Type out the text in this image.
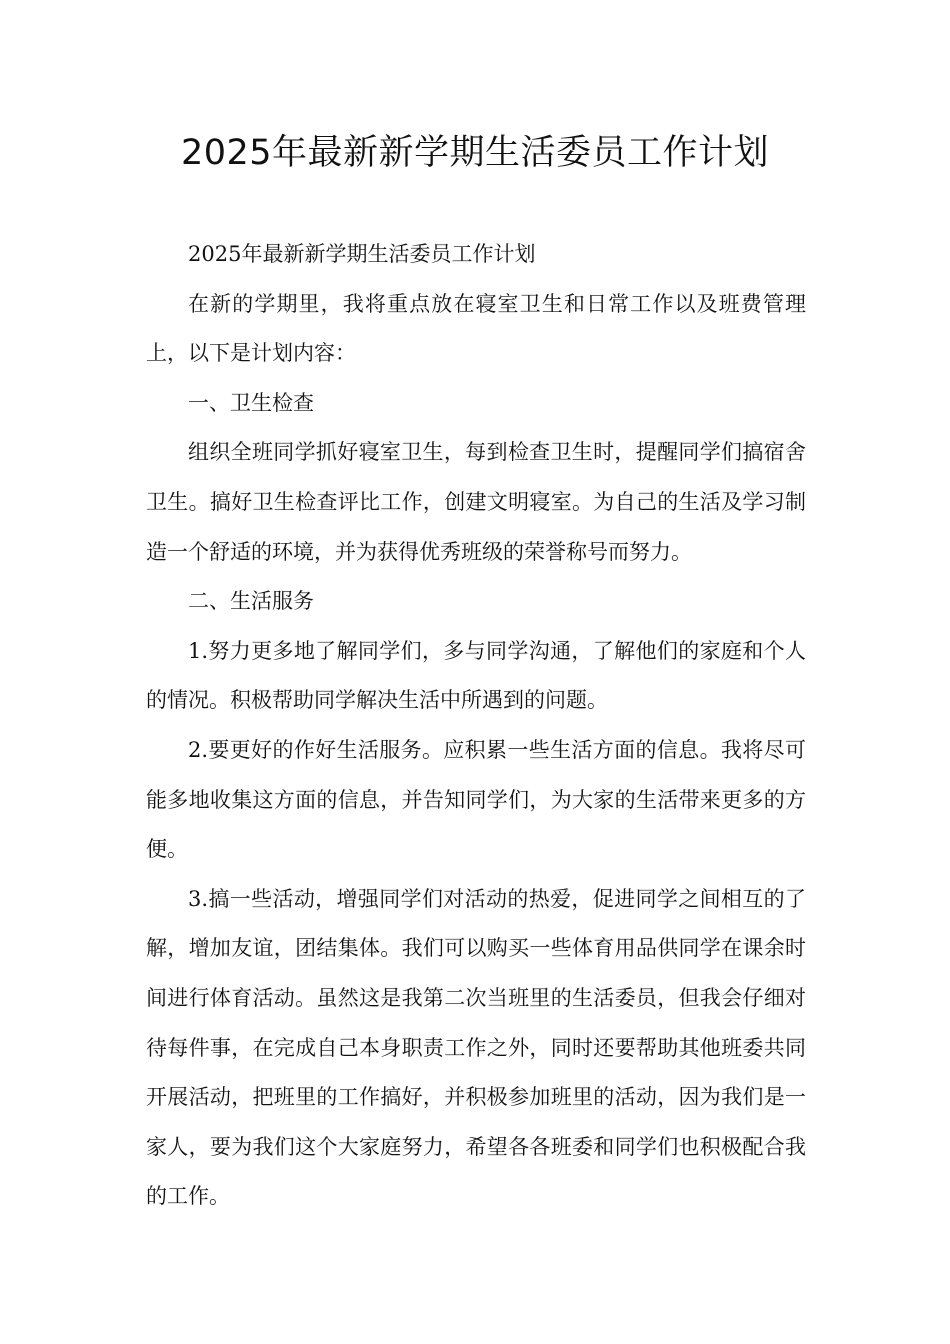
2025年最新新学期生活委员工作计划

2025年最新新学期生活委员工作计划

在新的学期里，我将重点放在寝室卫生和日常工作以及班费管理上，以下是计划内容：

一、卫生检查

组织全班同学抓好寝室卫生，每到检查卫生时，提醒同学们搞宿舍卫生。搞好卫生检查评比工作，创建文明寝室。为自己的生活及学习制造一个舒适的环境，并为获得优秀班级的荣誉称号而努力。

二、生活服务

1.努力更多地了解同学们，多与同学沟通，了解他们的家庭和个人的情况。积极帮助同学解决生活中所遇到的问题。

2.要更好的作好生活服务。应积累一些生活方面的信息。我将尽可能多地收集这方面的信息，并告知同学们，为大家的生活带来更多的方便。

3.搞一些活动，增强同学们对活动的热爱，促进同学之间相互的了解，增加友谊，团结集体。我们可以购买一些体育用品供同学在课余时间进行体育活动。虽然这是我第二次当班里的生活委员，但我会仔细对待每件事，在完成自己本身职责工作之外，同时还要帮助其他班委共同开展活动，把班里的工作搞好，并积极参加班里的活动，因为我们是一家人，要为我们这个大家庭努力，希望各各班委和同学们也积极配合我的工作。
